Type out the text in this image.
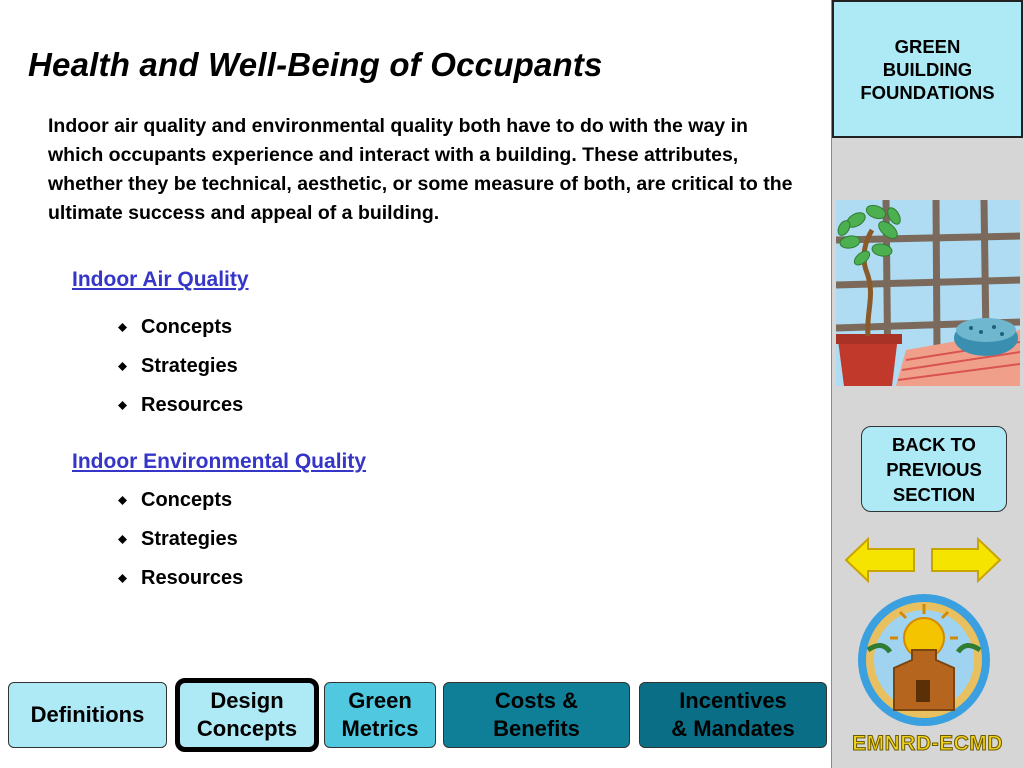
Health and Well-Being of Occupants
Indoor air quality and environmental quality both have to do with the way in which occupants experience and interact with a building. These attributes, whether they be technical, aesthetic, or some measure of both, are critical to the ultimate success and appeal of a building.
Indoor Air Quality
Concepts
Strategies
Resources
Indoor Environmental Quality
Concepts
Strategies
Resources
Definitions
Design
Concepts
Green
Metrics
Costs &
Benefits
Incentives
& Mandates
GREEN
BUILDING
FOUNDATIONS
BACK TO
PREVIOUS
SECTION
EMNRD-ECMD
